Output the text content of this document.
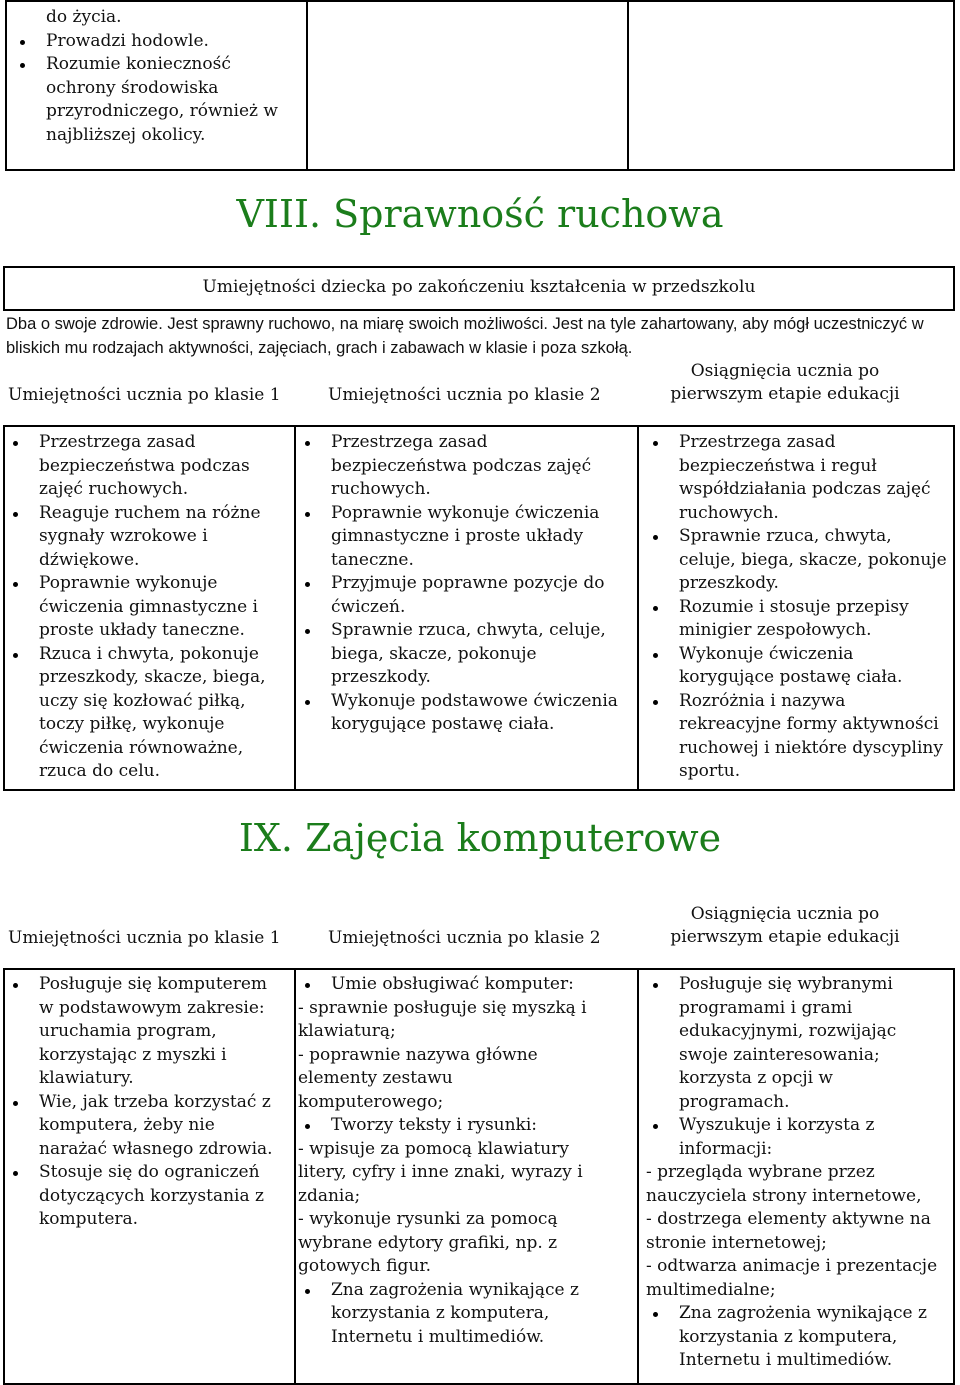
do życia.
Prowadzi hodowle.
Rozumie konieczność ochrony środowiska przyrodniczego, również w najbliższej okolicy.
VIII. Sprawność ruchowa
Umiejętności dziecka po zakończeniu kształcenia w przedszkolu
Dba o swoje zdrowie. Jest sprawny ruchowo, na miarę swoich możliwości. Jest na tyle zahartowany, aby mógł uczestniczyć w bliskich mu rodzajach aktywności, zajęciach, grach i zabawach w klasie i poza szkołą.
Umiejętności ucznia po klasie 1	Umiejętności ucznia po klasie 2
Osiągnięcia ucznia po pierwszym etapie edukacji
Przestrzega zasad bezpieczeństwa podczas zajęć ruchowych.
Reaguje ruchem na różne sygnały wzrokowe i dźwiękowe.
Poprawnie wykonuje ćwiczenia gimnastyczne i proste układy taneczne.
Rzuca i chwyta, pokonuje przeszkody, skacze, biega, uczy się kozłować piłką, toczy piłkę, wykonuje ćwiczenia równoważne, rzuca do celu.
Przestrzega zasad bezpieczeństwa podczas zajęć ruchowych.
Poprawnie wykonuje ćwiczenia gimnastyczne i proste układy taneczne.
Przyjmuje poprawne pozycje do ćwiczeń.
Sprawnie rzuca, chwyta, celuje, biega, skacze, pokonuje przeszkody.
Wykonuje podstawowe ćwiczenia korygujące postawę ciała.
Przestrzega zasad bezpieczeństwa i reguł współdziałania podczas zajęć ruchowych.
Sprawnie rzuca, chwyta, celuje, biega, skacze, pokonuje przeszkody.
Rozumie i stosuje przepisy minigier zespołowych.
Wykonuje ćwiczenia korygujące postawę ciała.
Rozróżnia i nazywa rekreacyjne formy aktywności ruchowej i niektóre dyscypliny sportu.
IX. Zajęcia komputerowe
Umiejętności ucznia po klasie 1	Umiejętności ucznia po klasie 2
Osiągnięcia ucznia po pierwszym etapie edukacji
Posługuje się komputerem w podstawowym zakresie: uruchamia program, korzystając z myszki i klawiatury.
Wie, jak trzeba korzystać z komputera, żeby nie narażać własnego zdrowia.
Stosuje się do ograniczeń dotyczących korzystania z komputera.
Umie obsługiwać komputer:
- sprawnie posługuje się myszką i klawiaturą;
- poprawnie nazywa główne elementy zestawu komputerowego;
Tworzy teksty i rysunki:
- wpisuje za pomocą klawiatury litery, cyfry i inne znaki, wyrazy i zdania;
- wykonuje rysunki za pomocą wybrane edytory grafiki, np. z gotowych figur.
Zna zagrożenia wynikające z korzystania z komputera, Internetu i multimediów.
Posługuje się wybranymi programami i grami edukacyjnymi, rozwijając swoje zainteresowania; korzysta z opcji w programach.
Wyszukuje i korzysta z informacji:
- przegląda wybrane przez nauczyciela strony internetowe,
- dostrzega elementy aktywne na stronie internetowej;
- odtwarza animacje i prezentacje multimedialne;
Zna zagrożenia wynikające z korzystania z komputera, Internetu i multimediów.
